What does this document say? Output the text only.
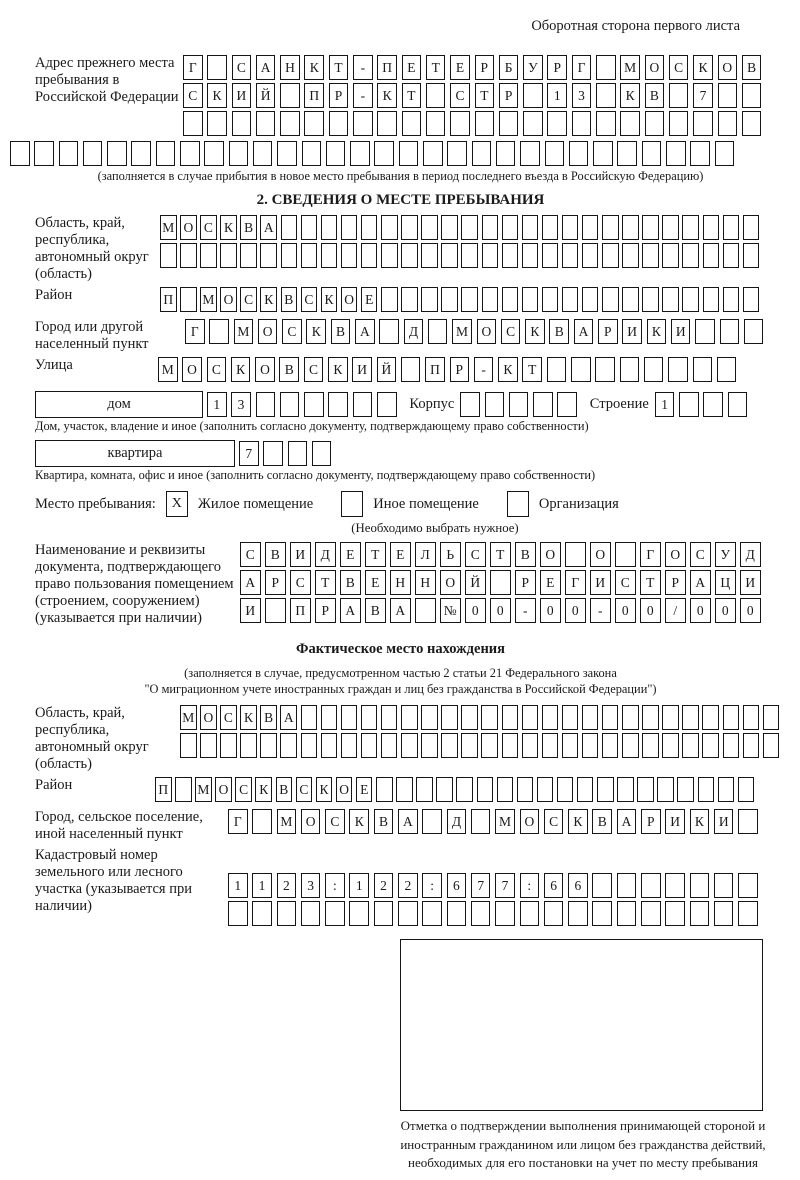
Оборотная сторона первого листа
Адрес прежнего места пребывания в Российской Федерации
Г	С	А	Н	К	Т	-	П	Е	Т	Е	Р	Б	У	Р	Г	М О	С	К	О	В
С	К	И	Й	П	Р	-	К	Т	С	Т	Р	1	3	К	В	7
(заполняется в случае прибытия в новое место пребывания в период последнего въезда в Российскую Федерацию)
2. СВЕДЕНИЯ О МЕСТЕ ПРЕБЫВАНИЯ
Область, край, республика, автономный округ (область)
М О С К В А
Район	П М О С К В С К О Е
Город или другой населенный пункт
Г	М О	С	К	В	А	Д	М О	С	К	В	А	Р	И	К	И
Улица	М О	С	К	О	В	С	К	И	Й	П	Р	-	К	Т
дом	1	3	Корпус	Строение 1
Дом, участок, владение и иное (заполнить согласно документу, подтверждающему право собственности)
квартира	7
Квартира, комната, офис и иное (заполнить согласно документу, подтверждающему право собственности)
Место пребывания: X Жилое помещение	Иное помещение	Организация
(Необходимо выбрать нужное)
Наименование и реквизиты документа, подтверждающего право пользования помещением (строением, сооружением) (указывается при наличии)
С	В	И	Д	Е	Т	Е	Л	Ь	С	Т	В	О	О	Г	О	С	У	Д
А	Р	С	Т	В	Е	Н	Н	О	Й	Р	Е	Г	И	С	Т	Р	А	Ц	И
И	П	Р	А	В	А	№	0	0	-	0	0	-	0	0	/	0	0	0
Фактическое место нахождения
(заполняется в случае, предусмотренном частью 2 статьи 21 Федерального закона
"О миграционном учете иностранных граждан и лиц без гражданства в Российской Федерации")
Область, край, республика, автономный округ (область)
М О С К В А
Район	П М О С К В С К О Е
Город, сельское поселение, иной населенный пункт
Г	М О	С	К	В	А	Д	М О	С	К	В	А	Р	И	К	И
Кадастровый номер земельного или лесного участка (указывается при наличии)
1	1	2	3	:	1	2	2	:	6	7	7	:	6	6
Отметка о подтверждении выполнения принимающей стороной и иностранным гражданином или лицом без гражданства действий, необходимых для его постановки на учет по месту пребывания
